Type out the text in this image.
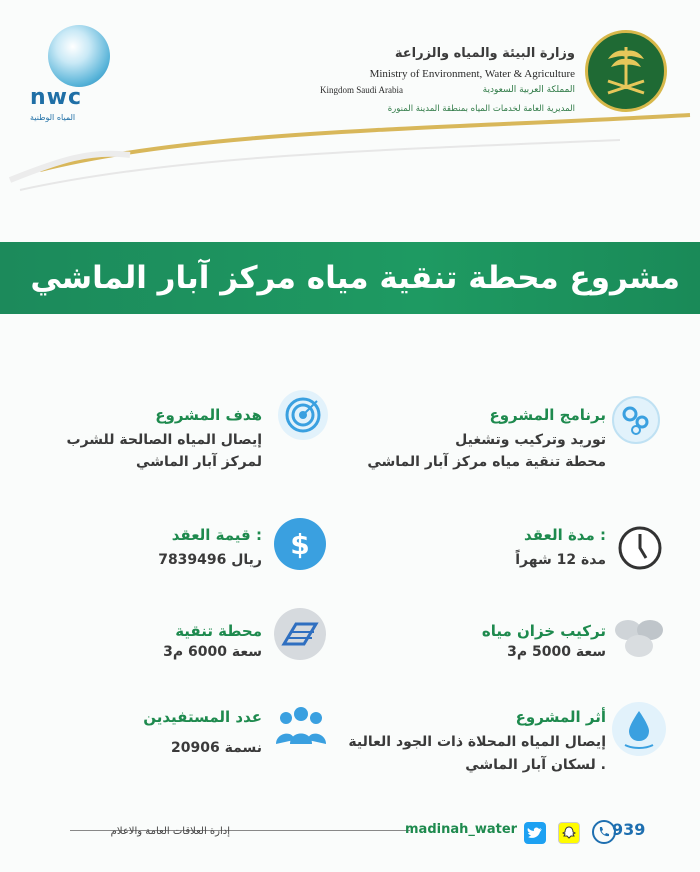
nwc
المياه الوطنية
وزارة البيئة والمياه والزراعة
Ministry of Environment, Water & Agriculture
المملكة العربية السعودية
Kingdom Saudi Arabia
المديرية العامة لخدمات المياه بمنطقة المدينة المنورة
مشروع محطة تنقية مياه مركز آبار الماشي
برنامج المشروع
توريد وتركيب وتشغيل
محطة تنقية مياه مركز آبار الماشي
هدف المشروع
إيصال المياه الصالحة للشرب
لمركز آبار الماشي
مدة العقد :
مدة 12 شهراً
$
قيمة العقد :
7839496 ريال
تركيب خزان مياه
سعة 5000 م3
محطة تنقية
سعة 6000 م3
أثر المشروع
إيصال المياه المحلاة ذات الجود العالية
لسكان آبار الماشي .
عدد المستفيدين
20906 نسمة
إدارة العلاقات العامة والاعلام	madinah_water	939
